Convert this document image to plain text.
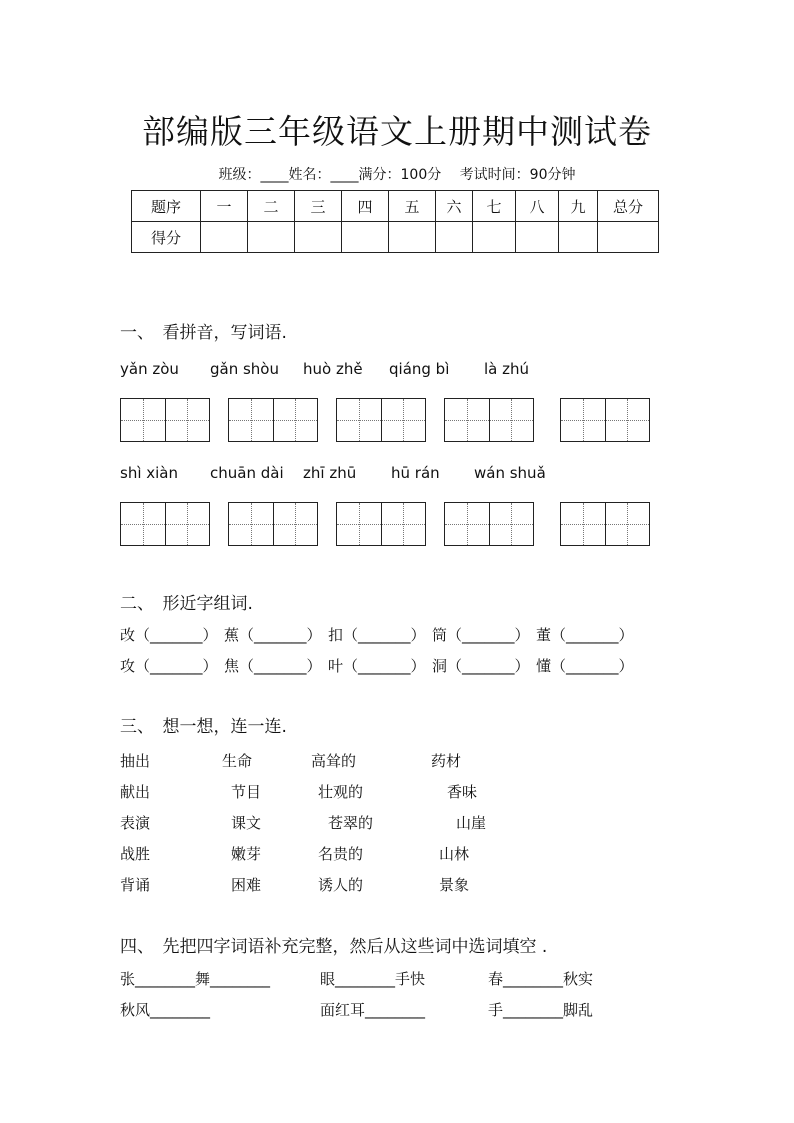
部编版三年级语文上册期中测试卷
班级：____姓名：____满分：100分　 考试时间：90分钟
题序	一	二	三	四	五	六	七	八	九	总分
得分										
一、　看拼音，写词语.
yǎn zòu gǎn shòu huò zhě qiáng bì là zhú
shì xiàn chuān dài zhī zhū hū rán wán shuǎ
二、　形近字组词.
改（_______） 蕉（_______） 扣（_______） 筒（_______） 董（_______）
攻（_______） 焦（_______） 叶（_______） 洞（_______） 懂（_______）
三、　想一想，连一连.
抽出	生命	高耸的	药材
献出	节目	壮观的	香味
表演	课文	苍翠的	山崖
战胜	嫩芽	名贵的	山林
背诵	困难	诱人的	景象
四、　先把四字词语补充完整，然后从这些词中选词填空 .
张________舞________	眼________手快	春________秋实
秋风________	面红耳________	手________脚乱
